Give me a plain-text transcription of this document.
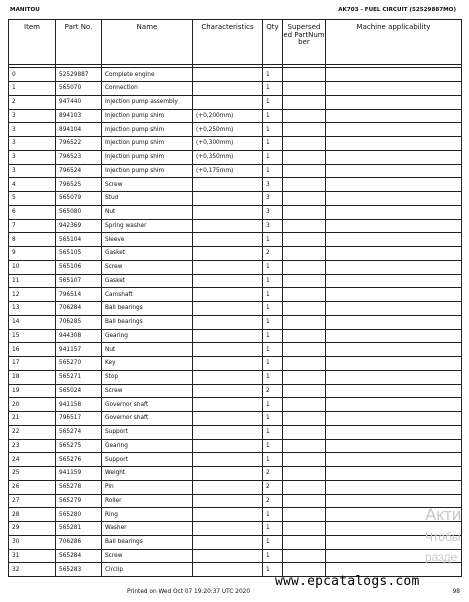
MANITOU	AK703 - FUEL CIRCUIT (52529887MO)
Item	Part No.	Name	Characteristics	Qty	Supersed ed PartNum ber	Machine applicability

0	52529887	Complete engine		1		
1	565070	Connection		1		
2	947440	Injection pump assembly		1		
3	894103	Injection pump shim	(+0,200mm)	1		
3	894104	Injection pump shim	(+0,250mm)	1		
3	796522	Injection pump shim	(+0,300mm)	1		
3	796523	Injection pump shim	(+0,350mm)	1		
3	796524	Injection pump shim	(+0,175mm)	1		
4	796525	Screw		3		
5	565079	Stud		3		
6	565080	Nut		3		
7	942369	Spring washer		3		
8	565104	Sleeve		1		
9	565105	Gasket		2		
10	565106	Screw		1		
11	565107	Gasket		1		
12	796514	Camshaft		1		
13	706284	Ball bearings		1		
14	706285	Ball bearings		1		
15	944308	Gearing		1		
16	941157	Nut		1		
17	565270	Key		1		
18	565271	Stop		1		
19	565024	Screw		2		
20	941158	Governor shaft		1		
21	796517	Governor shaft		1		
22	565274	Support		1		
23	565275	Gearing		1		
24	565276	Support		1		
25	941159	Weight		2		
26	565278	Pin		2		
27	565279	Roller		2		
28	565280	Ring		1		
29	565281	Washer		1		
30	706286	Ball bearings		1		
31	565284	Screw		1		
32	565283	Circlip		1		
Акти
Чтобы
разде
www.epcatalogs.com
Printed on Wed Oct 07 19:20:37 UTC 2020	98
